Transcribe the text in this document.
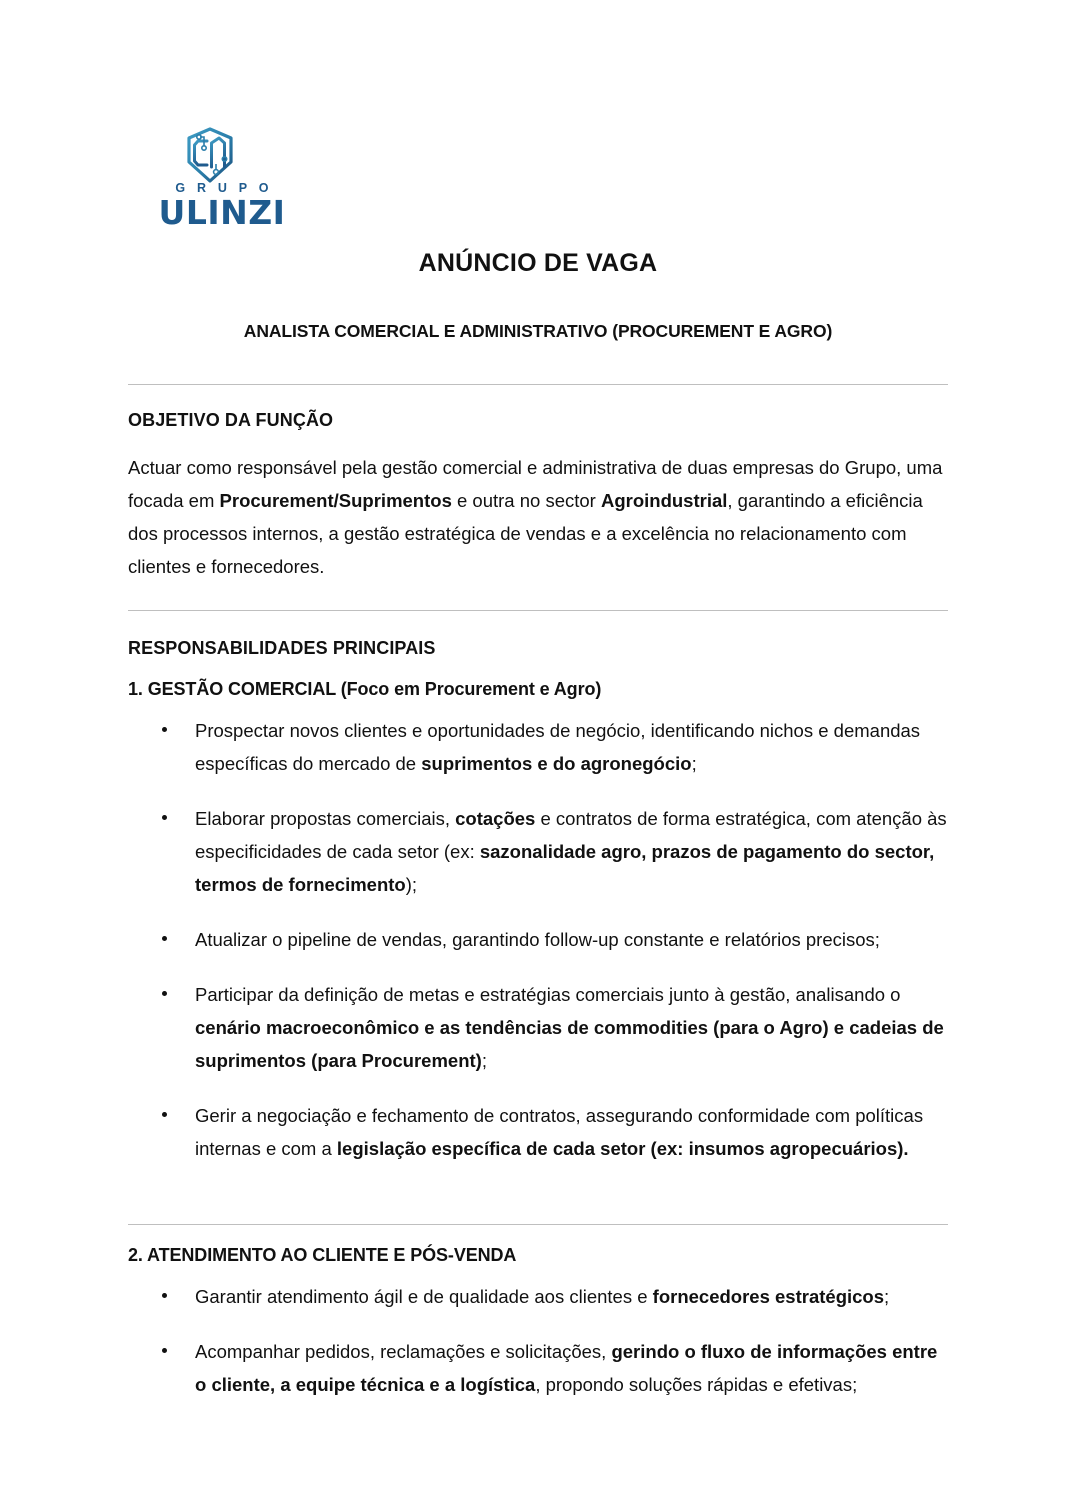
G R U P O
ULINZI
ANÚNCIO DE VAGA
ANALISTA COMERCIAL E ADMINISTRATIVO (PROCUREMENT E AGRO)
OBJETIVO DA FUNÇÃO

Actuar como responsável pela gestão comercial e administrativa de duas empresas do Grupo, uma focada em Procurement/Suprimentos e outra no sector Agroindustrial, garantindo a eficiência dos processos internos, a gestão estratégica de vendas e a excelência no relacionamento com clientes e fornecedores.

RESPONSABILIDADES PRINCIPAIS
1. GESTÃO COMERCIAL (Foco em Procurement e Agro)
Prospectar novos clientes e oportunidades de negócio, identificando nichos e demandas específicas do mercado de suprimentos e do agronegócio;
Elaborar propostas comerciais, cotações e contratos de forma estratégica, com atenção às especificidades de cada setor (ex: sazonalidade agro, prazos de pagamento do sector, termos de fornecimento);
Atualizar o pipeline de vendas, garantindo follow-up constante e relatórios precisos;
Participar da definição de metas e estratégias comerciais junto à gestão, analisando o cenário macroeconômico e as tendências de commodities (para o Agro) e cadeias de suprimentos (para Procurement);
Gerir a negociação e fechamento de contratos, assegurando conformidade com políticas internas e com a legislação específica de cada setor (ex: insumos agropecuários).
2. ATENDIMENTO AO CLIENTE E PÓS-VENDA
Garantir atendimento ágil e de qualidade aos clientes e fornecedores estratégicos;
Acompanhar pedidos, reclamações e solicitações, gerindo o fluxo de informações entre o cliente, a equipe técnica e a logística, propondo soluções rápidas e efetivas;
